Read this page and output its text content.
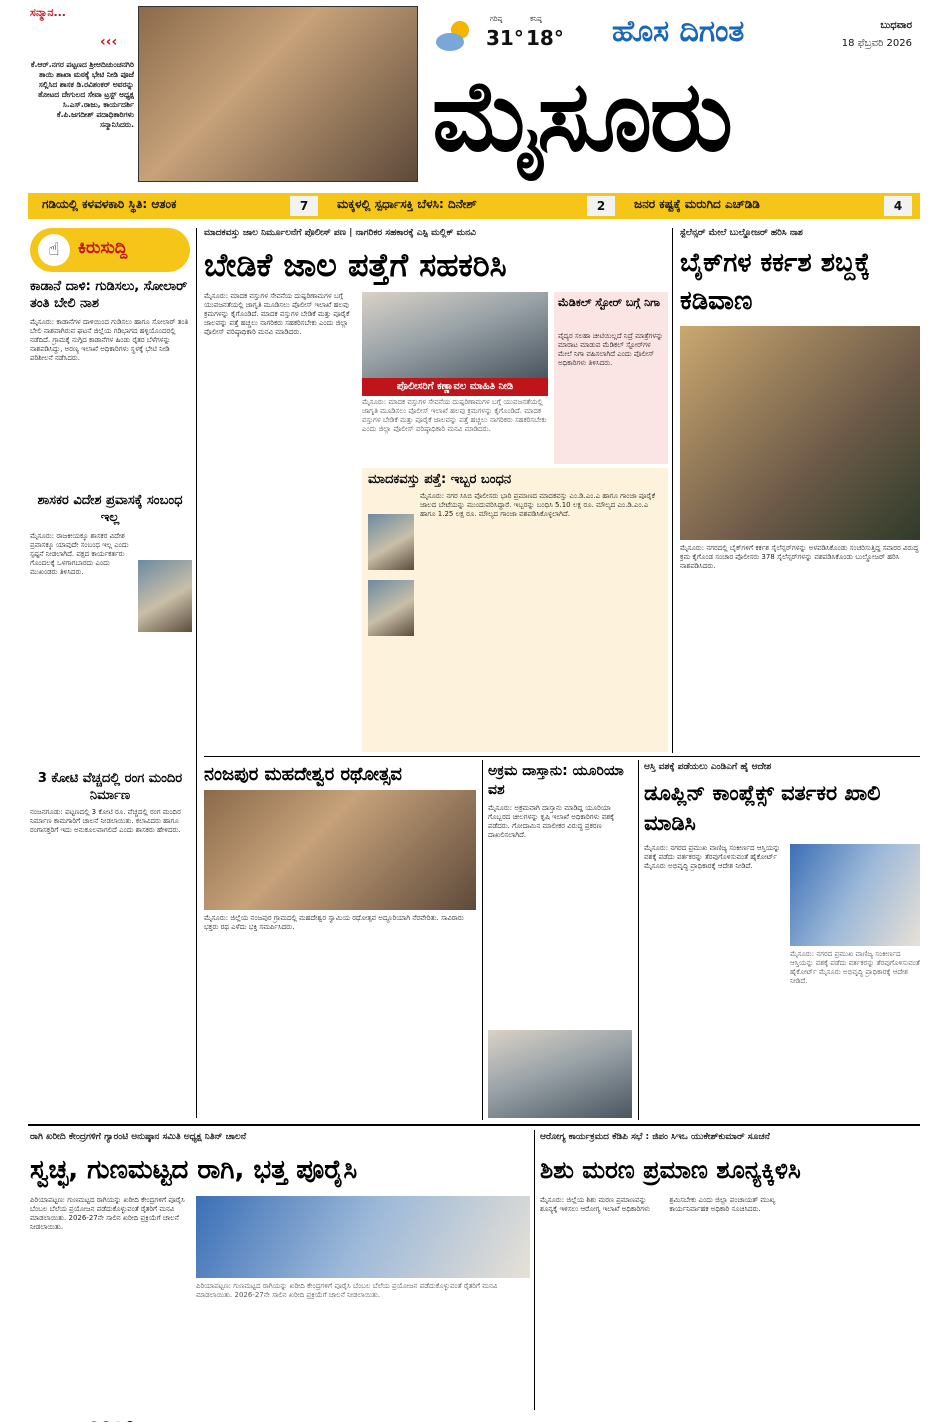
ಸನ್ಮಾನ...
‹‹‹
ಕೆ.ಆರ್.ನಗರ ಪಟ್ಟಣದ ಶ್ರೀಆದಿಚುಂಚನಗಿರಿ ತಾಯಿ ಶಾಖಾ ಮಠಕ್ಕೆ ಭೇಟಿ ನೀಡಿ ಪೂಜೆ ಸಲ್ಲಿಸಿದ ಶಾಸಕ ಡಿ.ರವಿಶಂಕರ್ ಅವರನ್ನು ತೋಟದ ದೇಗುಲದ ಸೇವಾ ಟ್ರಸ್ಟ್ ಅಧ್ಯಕ್ಷ ಸಿ.ಎಸ್.ರಾಜು, ಕಾರ್ಯದರ್ಶಿ ಕೆ.ಪಿ.ಜಗದೀಶ್ ಪದಾಧಿಕಾರಿಗಳು ಸನ್ಮಾನಿಸಿದರು.
ಗರಿಷ್ಠ
31°
ಕನಿಷ್ಠ
18° ಹೊಸ ದಿಗಂತ	ಬುಧವಾರ
18 ಫೆಬ್ರವರಿ 2026
ಮೈಸೂರು
ಗಡಿಯಲ್ಲಿ ಕಳವಳಕಾರಿ ಸ್ಥಿತಿ: ಆತಂಕ	7	ಮಕ್ಕಳಲ್ಲಿ ಸ್ಪರ್ಧಾಸಕ್ತಿ ಬೆಳಸಿ: ದಿನೇಶ್	2	ಜನರ ಕಷ್ಟಕ್ಕೆ ಮರುಗಿದ ಎಚ್‌ಡಿಡಿ	4
☝	ಕಿರುಸುದ್ದಿ
ಕಾಡಾನೆ ದಾಳಿ: ಗುಡಿಸಲು, ಸೋಲಾರ್ ತಂತಿ ಬೇಲಿ ನಾಶ
ಮೈಸೂರು: ಕಾಡಾನೆಗಳ ದಾಳಿಯಿಂದ ಗುಡಿಸಲು ಹಾಗೂ ಸೋಲಾರ್ ತಂತಿ ಬೇಲಿ ನಾಶವಾಗಿರುವ ಘಟನೆ ಜಿಲ್ಲೆಯ ಗಡಿಭಾಗದ ಹಳ್ಳಿಯೊಂದರಲ್ಲಿ ನಡೆದಿದೆ. ಗ್ರಾಮಕ್ಕೆ ನುಗ್ಗಿದ ಕಾಡಾನೆಗಳ ಹಿಂಡು ರೈತರ ಬೆಳೆಗಳನ್ನು ನಾಶಪಡಿಸಿದ್ದು, ಅರಣ್ಯ ಇಲಾಖೆ ಅಧಿಕಾರಿಗಳು ಸ್ಥಳಕ್ಕೆ ಭೇಟಿ ನೀಡಿ ಪರಿಶೀಲನೆ ನಡೆಸಿದರು.
ಶಾಸಕರ ವಿದೇಶ ಪ್ರವಾಸಕ್ಕೆ ಸಂಬಂಧ ಇಲ್ಲ
ಮೈಸೂರು: ರಾಜಕೀಯಕ್ಕೂ ಶಾಸಕರ ವಿದೇಶ ಪ್ರವಾಸಕ್ಕೂ ಯಾವುದೇ ಸಂಬಂಧ ಇಲ್ಲ ಎಂದು ಸ್ಪಷ್ಟನೆ ನೀಡಲಾಗಿದೆ. ಪಕ್ಷದ ಕಾರ್ಯಕರ್ತರು ಗೊಂದಲಕ್ಕೆ ಒಳಗಾಗಬಾರದು ಎಂದು ಮುಖಂಡರು ತಿಳಿಸಿದರು.
3 ಕೋಟಿ ವೆಚ್ಚದಲ್ಲಿ ರಂಗ ಮಂದಿರ ನಿರ್ಮಾಣ
ನಂಜನಗೂಡು: ಪಟ್ಟಣದಲ್ಲಿ 3 ಕೋಟಿ ರೂ. ವೆಚ್ಚದಲ್ಲಿ ರಂಗ ಮಂದಿರ ನಿರ್ಮಾಣ ಕಾಮಗಾರಿಗೆ ಚಾಲನೆ ನೀಡಲಾಯಿತು. ಕಲಾವಿದರು ಹಾಗೂ ರಂಗಾಸಕ್ತರಿಗೆ ಇದು ಅನುಕೂಲವಾಗಲಿದೆ ಎಂದು ಶಾಸಕರು ಹೇಳಿದರು.
ಮಾದಕವಸ್ತು ಜಾಲ ನಿರ್ಮೂಲನೆಗೆ ಪೊಲೀಸ್ ಪಣ | ನಾಗರಿಕರ ಸಹಕಾರಕ್ಕೆ ಎಸ್ಪಿ ಮಲ್ಲಿಕ್ ಮನವಿ
ಬೇಡಿಕೆ ಜಾಲ ಪತ್ತೆಗೆ ಸಹಕರಿಸಿ
ಮೈಸೂರು: ಮಾದಕ ವಸ್ತುಗಳ ಸೇವನೆಯ ದುಷ್ಪರಿಣಾಮಗಳ ಬಗ್ಗೆ ಯುವಜನತೆಯಲ್ಲಿ ಜಾಗೃತಿ ಮೂಡಿಸಲು ಪೊಲೀಸ್ ಇಲಾಖೆ ಹಲವು ಕ್ರಮಗಳನ್ನು ಕೈಗೊಂಡಿದೆ. ಮಾದಕ ವಸ್ತುಗಳ ಬೇಡಿಕೆ ಮತ್ತು ಪೂರೈಕೆ ಜಾಲವನ್ನು ಪತ್ತೆ ಹಚ್ಚಲು ನಾಗರಿಕರು ಸಹಕರಿಸಬೇಕು ಎಂದು ಜಿಲ್ಲಾ ಪೊಲೀಸ್ ವರಿಷ್ಠಾಧಿಕಾರಿ ಮನವಿ ಮಾಡಿದರು.
ಪೊಲೀಸರಿಗೆ ಕಣ್ಣಾವಲ ಮಾಹಿತಿ ನೀಡಿ
ಮೈಸೂರು: ಮಾದಕ ವಸ್ತುಗಳ ಸೇವನೆಯ ದುಷ್ಪರಿಣಾಮಗಳ ಬಗ್ಗೆ ಯುವಜನತೆಯಲ್ಲಿ ಜಾಗೃತಿ ಮೂಡಿಸಲು ಪೊಲೀಸ್ ಇಲಾಖೆ ಹಲವು ಕ್ರಮಗಳನ್ನು ಕೈಗೊಂಡಿದೆ. ಮಾದಕ ವಸ್ತುಗಳ ಬೇಡಿಕೆ ಮತ್ತು ಪೂರೈಕೆ ಜಾಲವನ್ನು ಪತ್ತೆ ಹಚ್ಚಲು ನಾಗರಿಕರು ಸಹಕರಿಸಬೇಕು ಎಂದು ಜಿಲ್ಲಾ ಪೊಲೀಸ್ ವರಿಷ್ಠಾಧಿಕಾರಿ ಮನವಿ ಮಾಡಿದರು.
ಮೆಡಿಕಲ್ ಸ್ಟೋರ್ ಬಗ್ಗೆ ನಿಗಾ
ವೈದ್ಯರ ಸಲಹಾ ಚೀಟಿಯಿಲ್ಲದೆ ನಿದ್ರೆ ಮಾತ್ರೆಗಳನ್ನು ಮಾರಾಟ ಮಾಡುವ ಮೆಡಿಕಲ್ ಸ್ಟೋರ್‌ಗಳ ಮೇಲೆ ನಿಗಾ ವಹಿಸಲಾಗಿದೆ ಎಂದು ಪೊಲೀಸ್ ಅಧಿಕಾರಿಗಳು ತಿಳಿಸಿದರು.
ಮಾದಕವಸ್ತು ಪತ್ತೆ: ಇಬ್ಬರ ಬಂಧನ
ಮೈಸೂರು: ನಗರ ಸಿಸಿಬಿ ಪೊಲೀಸರು ಭಾರಿ ಪ್ರಮಾಣದ ಮಾದಕವಸ್ತು ಎಂ.ಡಿ.ಎಂ.ಎ ಹಾಗೂ ಗಾಂಜಾ ಪೂರೈಕೆ ಜಾಲದ ಬೇಟೆಯನ್ನು ಮುಂದುವರಿಸಿದ್ದಾರೆ. ಇಬ್ಬರನ್ನು ಬಂಧಿಸಿ 5.10 ಲಕ್ಷ ರೂ. ಮೌಲ್ಯದ ಎಂ.ಡಿ.ಎಂ.ಎ ಹಾಗೂ 1.25 ಲಕ್ಷ ರೂ. ಮೌಲ್ಯದ ಗಾಂಜಾ ವಶಪಡಿಸಿಕೊಳ್ಳಲಾಗಿದೆ.
ಸ್ಟೆಲೆನ್ಸರ್ ಮೇಲೆ ಬುಲ್ಡೋಜರ್ ಹರಿಸಿ ನಾಶ
ಬೈಕ್‌ಗಳ ಕರ್ಕಶ ಶಬ್ದಕ್ಕೆ ಕಡಿವಾಣ
ಮೈಸೂರು: ನಗರದಲ್ಲಿ ಬೈಕ್‌ಗಳಿಗೆ ಕರ್ಕಶ ಸೈಲೆನ್ಸರ್‌ಗಳನ್ನು ಅಳವಡಿಸಿಕೊಂಡು ಸಂಚರಿಸುತ್ತಿದ್ದ ಸವಾರರ ವಿರುದ್ಧ ಕ್ರಮ ಕೈಗೊಂಡ ಸಂಚಾರ ಪೊಲೀಸರು 378 ಸೈಲೆನ್ಸರ್‌ಗಳನ್ನು ವಶಪಡಿಸಿಕೊಂಡು ಬುಲ್ಡೋಜರ್ ಹರಿಸಿ ನಾಶಪಡಿಸಿದರು.
ನಂಜಪುರ ಮಹದೇಶ್ವರ ರಥೋತ್ಸವ
ಮೈಸೂರು: ಜಿಲ್ಲೆಯ ನಂಜಪುರ ಗ್ರಾಮದಲ್ಲಿ ಮಹದೇಶ್ವರ ಸ್ವಾಮಿಯ ರಥೋತ್ಸವ ಅದ್ದೂರಿಯಾಗಿ ನೆರವೇರಿತು. ಸಾವಿರಾರು ಭಕ್ತರು ರಥ ಎಳೆದು ಭಕ್ತಿ ಸಮರ್ಪಿಸಿದರು.
ಅಕ್ರಮ ದಾಸ್ತಾನು: ಯೂರಿಯಾ ವಶ
ಮೈಸೂರು: ಅಕ್ರಮವಾಗಿ ದಾಸ್ತಾನು ಮಾಡಿದ್ದ ಯೂರಿಯಾ ಗೊಬ್ಬರದ ಚೀಲಗಳನ್ನು ಕೃಷಿ ಇಲಾಖೆ ಅಧಿಕಾರಿಗಳು ವಶಕ್ಕೆ ಪಡೆದರು. ಗೋದಾಮಿನ ಮಾಲೀಕರ ವಿರುದ್ಧ ಪ್ರಕರಣ ದಾಖಲಿಸಲಾಗಿದೆ.
ಆಸ್ತಿ ವಶಕ್ಕೆ ಪಡೆಯಲು ಎಂಡಿಎಗೆ ಹೈ ಆದೇಶ
ಡೂಪ್ಲಿನ್ ಕಾಂಪ್ಲೆಕ್ಸ್ ವರ್ತಕರ ಖಾಲಿ ಮಾಡಿಸಿ
ಮೈಸೂರು: ನಗರದ ಪ್ರಮುಖ ವಾಣಿಜ್ಯ ಸಂಕೀರ್ಣದ ಆಸ್ತಿಯನ್ನು ವಶಕ್ಕೆ ಪಡೆದು ವರ್ತಕರನ್ನು ತೆರವುಗೊಳಿಸುವಂತೆ ಹೈಕೋರ್ಟ್ ಮೈಸೂರು ಅಭಿವೃದ್ಧಿ ಪ್ರಾಧಿಕಾರಕ್ಕೆ ಆದೇಶ ನೀಡಿದೆ.
ಮೈಸೂರು: ನಗರದ ಪ್ರಮುಖ ವಾಣಿಜ್ಯ ಸಂಕೀರ್ಣದ ಆಸ್ತಿಯನ್ನು ವಶಕ್ಕೆ ಪಡೆದು ವರ್ತಕರನ್ನು ತೆರವುಗೊಳಿಸುವಂತೆ ಹೈಕೋರ್ಟ್ ಮೈಸೂರು ಅಭಿವೃದ್ಧಿ ಪ್ರಾಧಿಕಾರಕ್ಕೆ ಆದೇಶ ನೀಡಿದೆ.
ರಾಗಿ ಖರೀದಿ ಕೇಂದ್ರಗಳಿಗೆ ಗ್ಯಾರಂಟಿ ಅನುಷ್ಠಾನ ಸಮಿತಿ ಅಧ್ಯಕ್ಷ ನಿತಿನ್ ಚಾಲನೆ
ಸ್ವಚ್ಛ, ಗುಣಮಟ್ಟದ ರಾಗಿ, ಭತ್ತ ಪೂರೈಸಿ
ಪಿರಿಯಾಪಟ್ಟಣ: ಗುಣಮಟ್ಟದ ರಾಗಿಯನ್ನು ಖರೀದಿ ಕೇಂದ್ರಗಳಿಗೆ ಪೂರೈಸಿ ಬೆಂಬಲ ಬೆಲೆಯ ಪ್ರಯೋಜನ ಪಡೆದುಕೊಳ್ಳುವಂತೆ ರೈತರಿಗೆ ಮನವಿ ಮಾಡಲಾಯಿತು. 2026-27ನೇ ಸಾಲಿನ ಖರೀದಿ ಪ್ರಕ್ರಿಯೆಗೆ ಚಾಲನೆ ನೀಡಲಾಯಿತು.
ಪಿರಿಯಾಪಟ್ಟಣ: ಗುಣಮಟ್ಟದ ರಾಗಿಯನ್ನು ಖರೀದಿ ಕೇಂದ್ರಗಳಿಗೆ ಪೂರೈಸಿ ಬೆಂಬಲ ಬೆಲೆಯ ಪ್ರಯೋಜನ ಪಡೆದುಕೊಳ್ಳುವಂತೆ ರೈತರಿಗೆ ಮನವಿ ಮಾಡಲಾಯಿತು. 2026-27ನೇ ಸಾಲಿನ ಖರೀದಿ ಪ್ರಕ್ರಿಯೆಗೆ ಚಾಲನೆ ನೀಡಲಾಯಿತು.
ಆರೋಗ್ಯ ಕಾರ್ಯಕ್ರಮದ ಕೆಡಿಪಿ ಸಭೆ : ಜಿಪಂ ಸಿಇಒ ಯುಕೇಶ್‌ಕುಮಾರ್ ಸೂಚನೆ
ಶಿಶು ಮರಣ ಪ್ರಮಾಣ ಶೂನ್ಯಕ್ಕಿಳಿಸಿ
ಮೈಸೂರು: ಜಿಲ್ಲೆಯ ಶಿಶು ಮರಣ ಪ್ರಮಾಣವನ್ನು ಶೂನ್ಯಕ್ಕೆ ಇಳಿಸಲು ಆರೋಗ್ಯ ಇಲಾಖೆ ಅಧಿಕಾರಿಗಳು ಶ್ರಮಿಸಬೇಕು ಎಂದು ಜಿಲ್ಲಾ ಪಂಚಾಯತ್ ಮುಖ್ಯ ಕಾರ್ಯನಿರ್ವಾಹಕ ಅಧಿಕಾರಿ ಸೂಚಿಸಿದರು.
